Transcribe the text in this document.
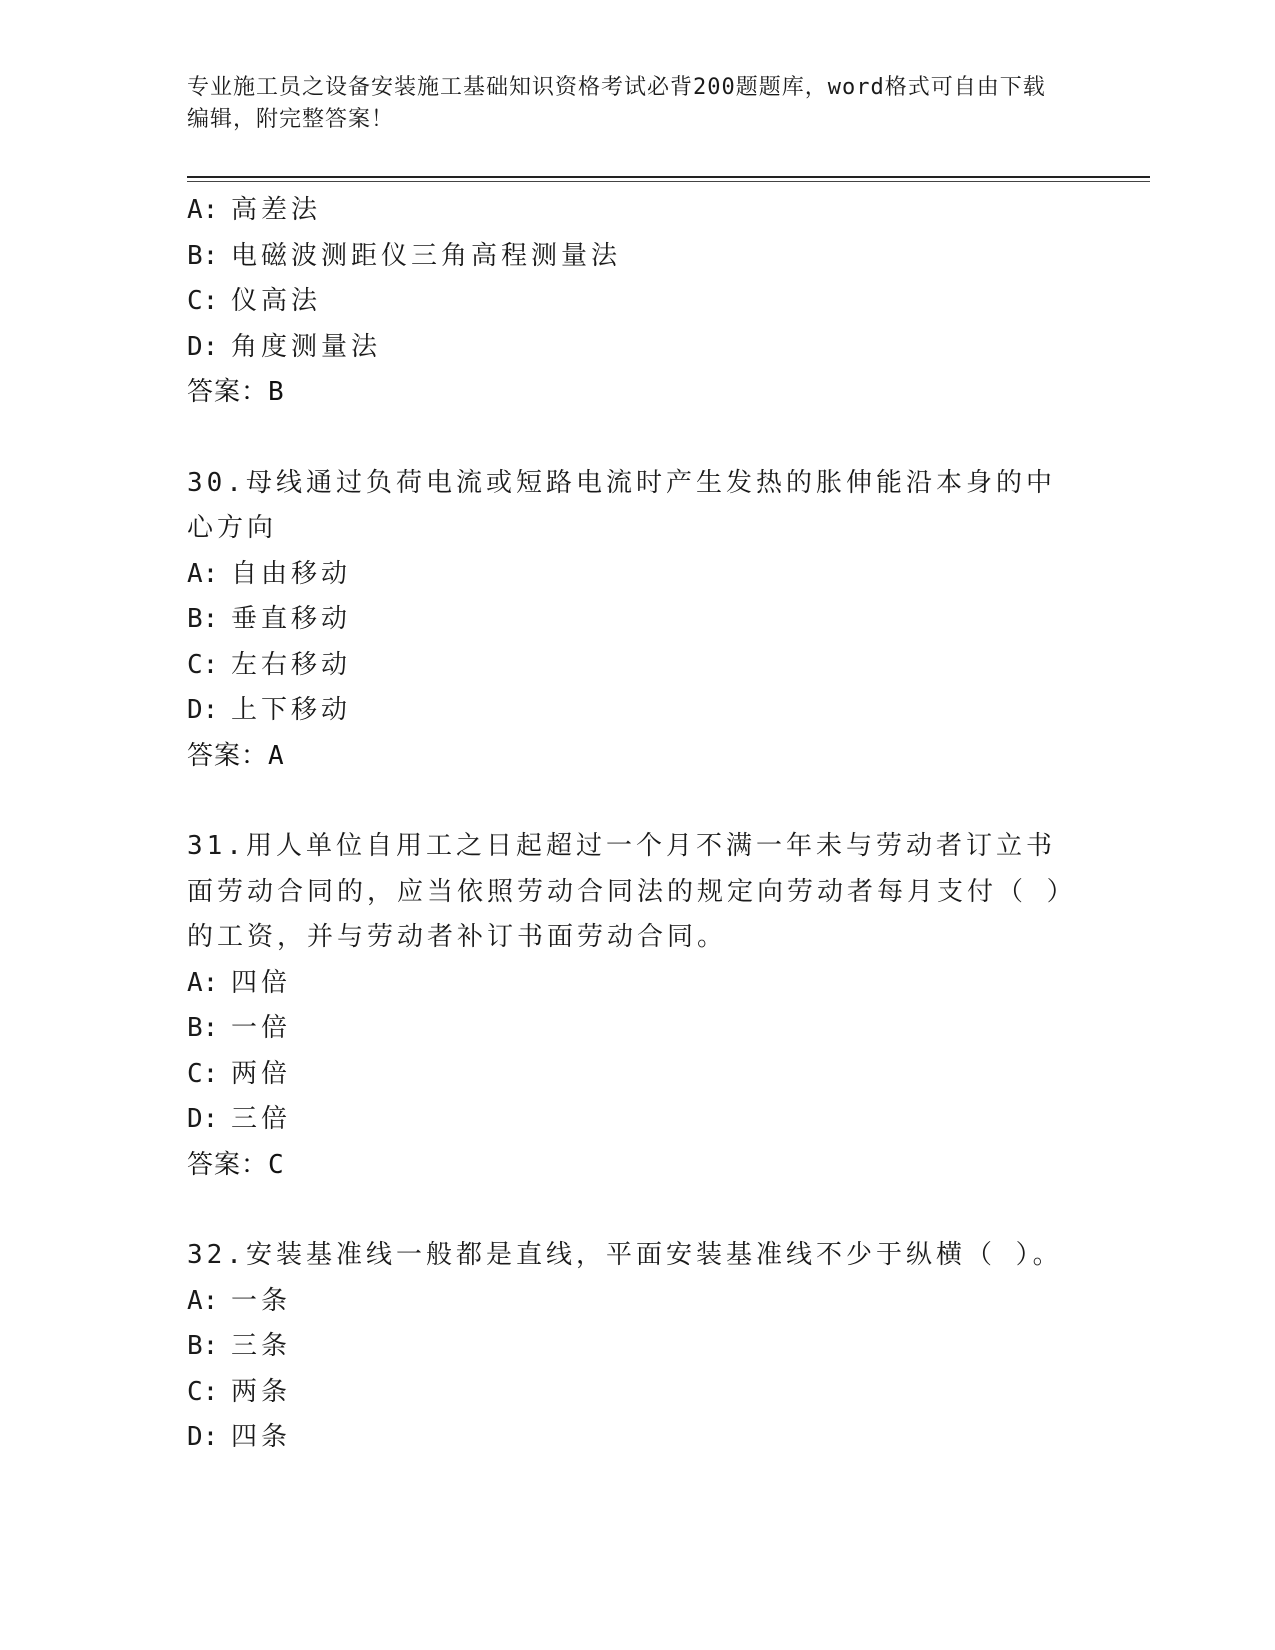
专业施工员之设备安装施工基础知识资格考试必背200题题库，word格式可自由下载编辑，附完整答案！
A: 高差法
B: 电磁波测距仪三角高程测量法
C: 仪高法
D: 角度测量法
答案：B
30.母线通过负荷电流或短路电流时产生发热的胀伸能沿本身的中心方向
A: 自由移动
B: 垂直移动
C: 左右移动
D: 上下移动
答案：A
31.用人单位自用工之日起超过一个月不满一年未与劳动者订立书面劳动合同的，应当依照劳动合同法的规定向劳动者每月支付（ ）的工资，并与劳动者补订书面劳动合同。
A: 四倍
B: 一倍
C: 两倍
D: 三倍
答案：C
32.安装基准线一般都是直线，平面安装基准线不少于纵横（ ）。
A: 一条
B: 三条
C: 两条
D: 四条
